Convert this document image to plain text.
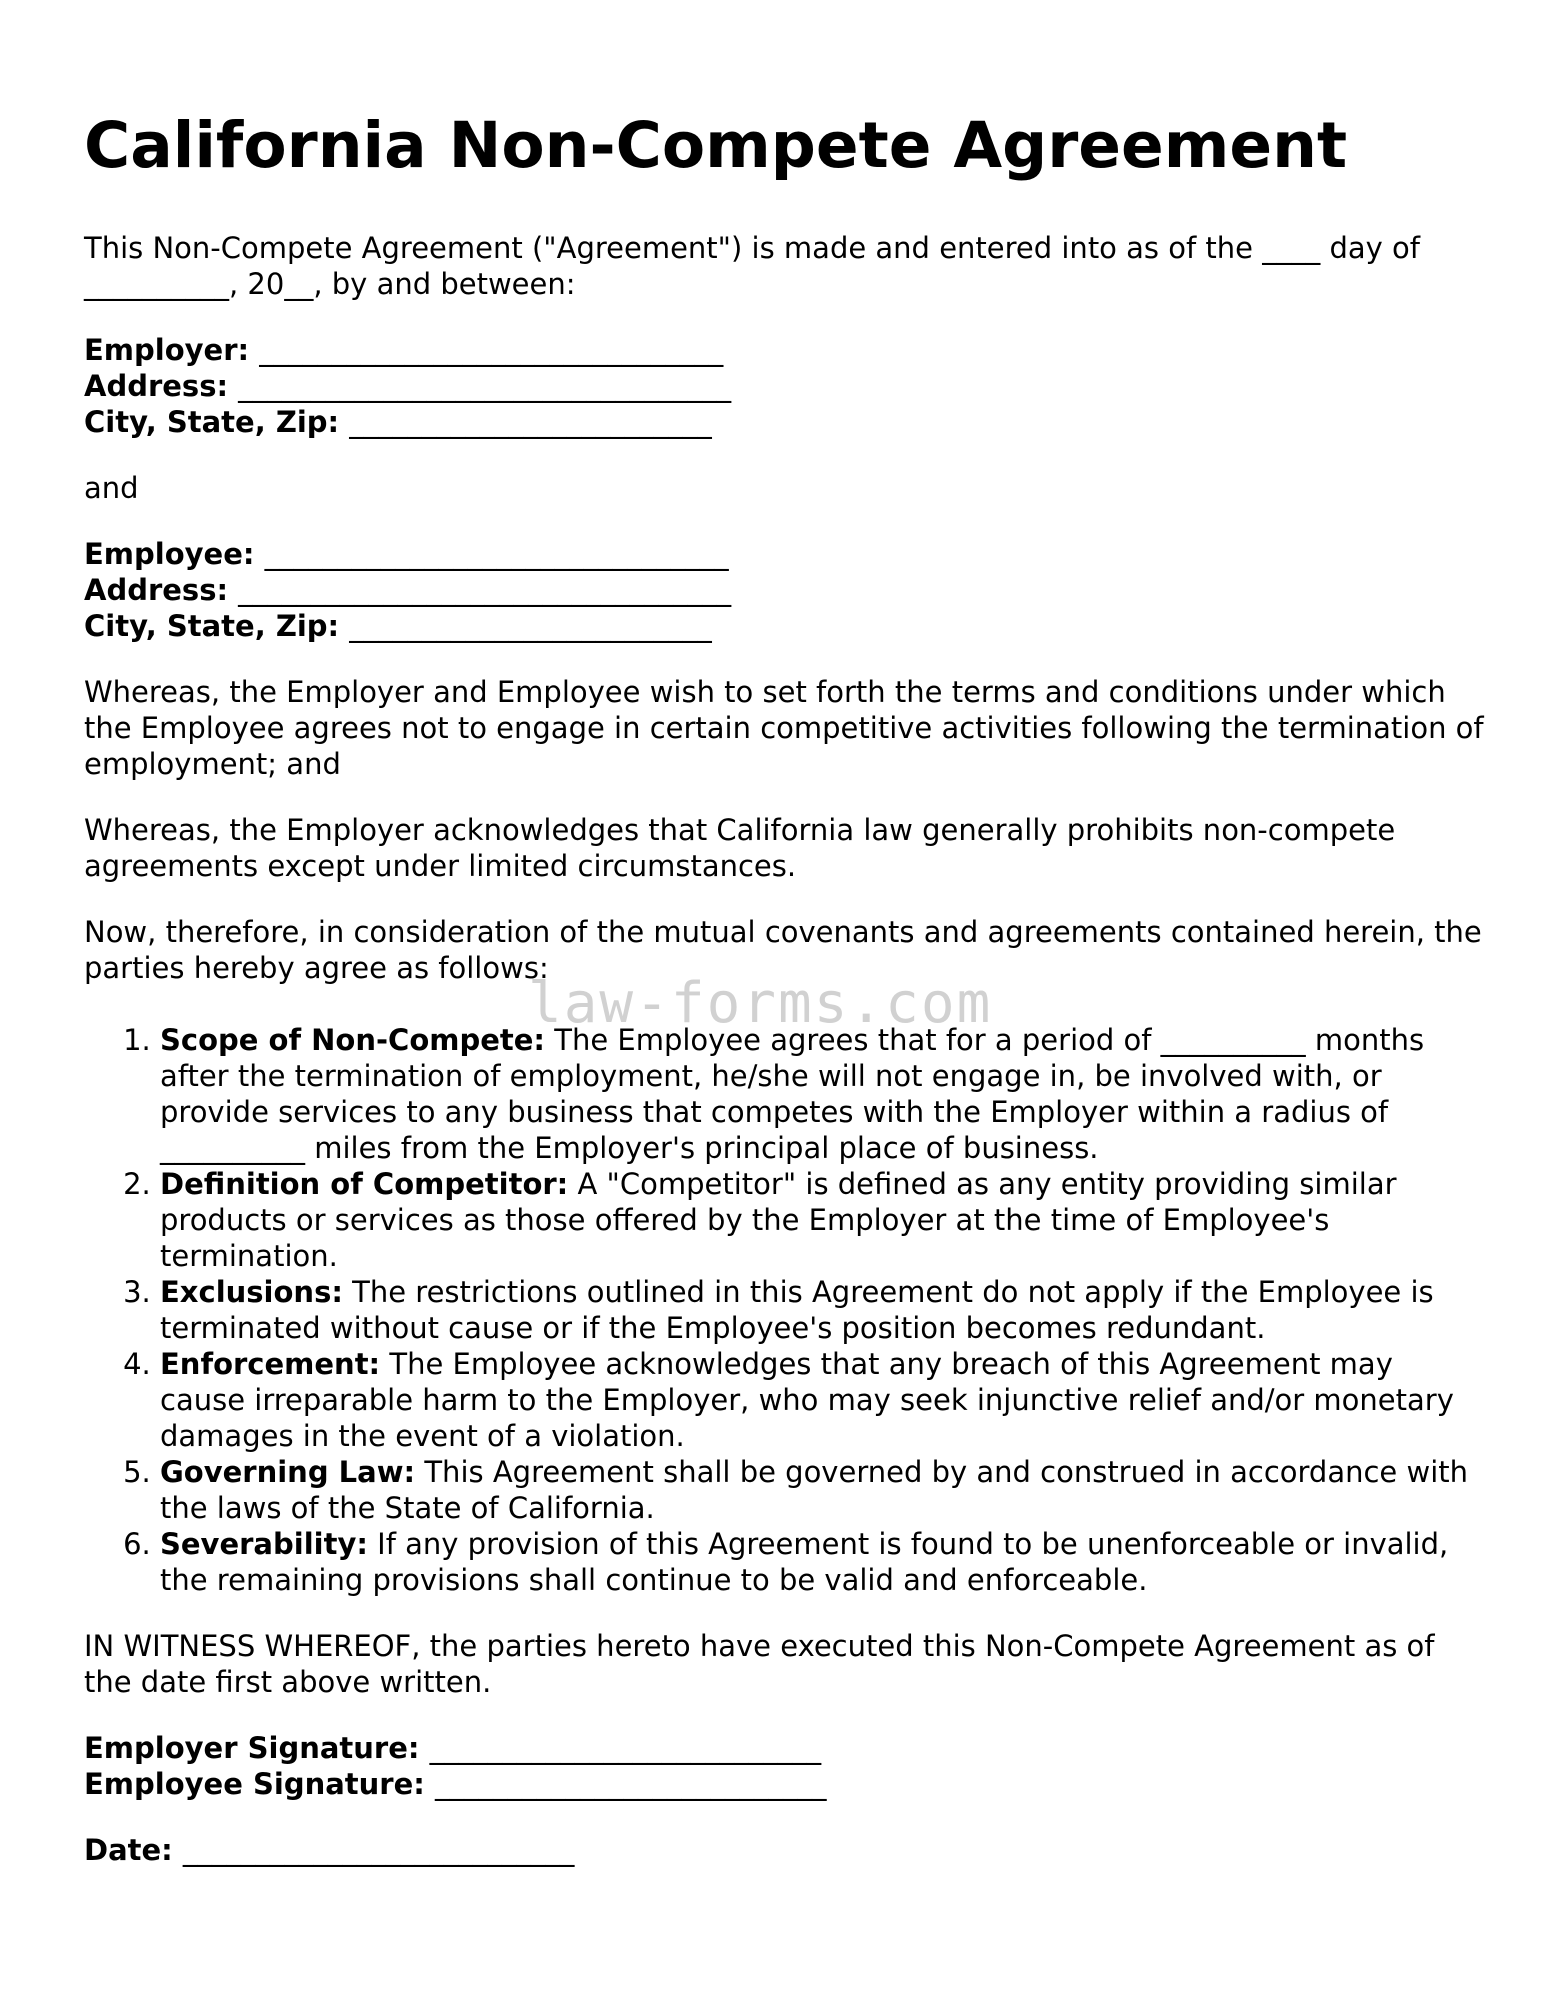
California Non-Compete Agreement

This Non-Compete Agreement ("Agreement") is made and entered into as of the ____ day of __________, 20__, by and between:

Employer: ________________________________
Address: __________________________________
City, State, Zip: _________________________

and

Employee: ________________________________
Address: __________________________________
City, State, Zip: _________________________

Whereas, the Employer and Employee wish to set forth the terms and conditions under which the Employee agrees not to engage in certain competitive activities following the termination of employment; and

Whereas, the Employer acknowledges that California law generally prohibits non-compete agreements except under limited circumstances.

Now, therefore, in consideration of the mutual covenants and agreements contained herein, the parties hereby agree as follows:

1. Scope of Non-Compete: The Employee agrees that for a period of __________ months after the termination of employment, he/she will not engage in, be involved with, or provide services to any business that competes with the Employer within a radius of __________ miles from the Employer's principal place of business.
2. Definition of Competitor: A "Competitor" is defined as any entity providing similar products or services as those offered by the Employer at the time of Employee's termination.
3. Exclusions: The restrictions outlined in this Agreement do not apply if the Employee is terminated without cause or if the Employee's position becomes redundant.
4. Enforcement: The Employee acknowledges that any breach of this Agreement may cause irreparable harm to the Employer, who may seek injunctive relief and/or monetary damages in the event of a violation.
5. Governing Law: This Agreement shall be governed by and construed in accordance with the laws of the State of California.
6. Severability: If any provision of this Agreement is found to be unenforceable or invalid, the remaining provisions shall continue to be valid and enforceable.

IN WITNESS WHEREOF, the parties hereto have executed this Non-Compete Agreement as of the date first above written.

Employer Signature: ___________________________
Employee Signature: ___________________________
Date: ___________________________
law-forms.com
